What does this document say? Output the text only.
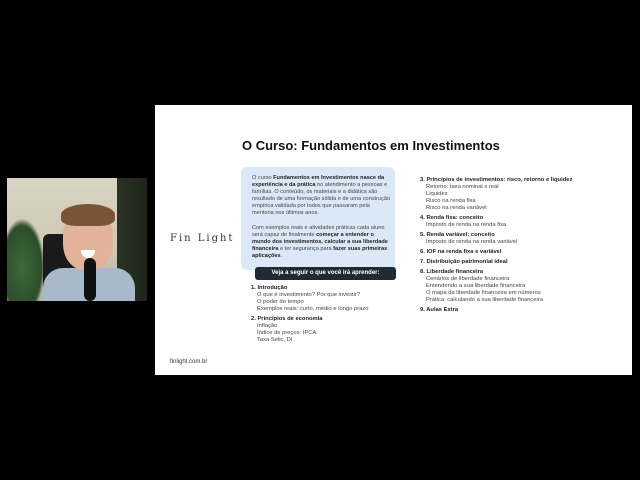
O Curso: Fundamentos em Investimentos
Fin Light

O curso Fundamentos em Investimentos nasce da experiência e da prática no atendimento a pessoas e famílias. O conteúdo, os materiais e a didática são resultado de uma formação sólida e de uma construção empírica validada por todos que passaram pela mentoria nos últimos anos.

Com exemplos reais e atividades práticas cada aluno será capaz de finalmente começar a entender o mundo dos investimentos, calcular a sua liberdade financeira e ter segurança para fazer suas primeiras aplicações.

Veja a seguir o que você irá aprender:
1. Introdução
O que é investimento? Por que investir?
O poder do tempo
Exemplos reais: curto, médio e longo prazo
2. Princípios de economia
Inflação
Índice de preços: IPCA
Taxa Selic, DI
3. Princípios de investimentos: risco, retorno e liquidez
Retorno: taxa nominal x real
Liquidez
Risco na renda fixa
Risco na renda variável
4. Renda fixa: conceito
Imposto de renda na renda fixa
5. Renda variável: conceito
Imposto de renda na renda variável
6. IOF na renda fixa e variável
7. Distribuição patrimonial ideal
8. Liberdade financeira
Cenários de liberdade financeira
Entendendo a sua liberdade financeira
O mapa da liberdade financeira em números
Prática: calculando a sua liberdade financeira
9. Aulas Extra
finlight.com.br
